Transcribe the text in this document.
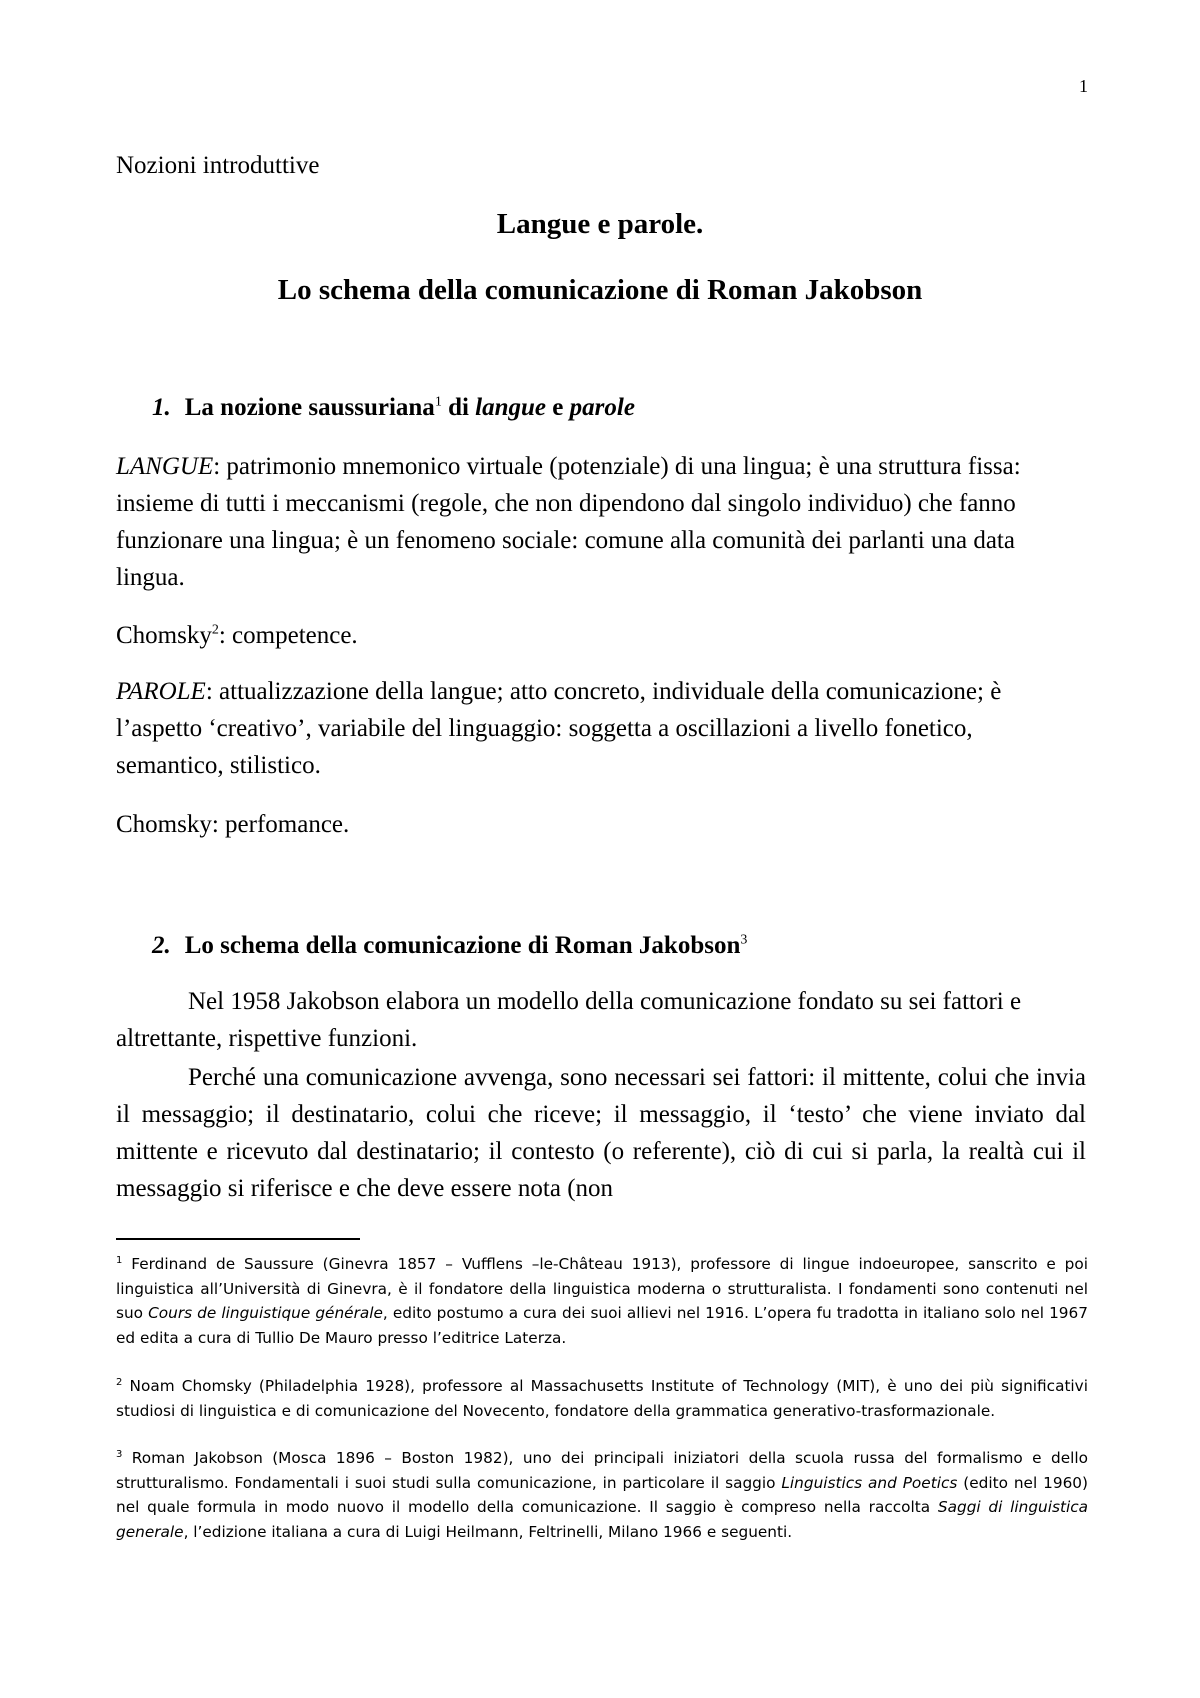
1
Nozioni introduttive
Langue e parole.
Lo schema della comunicazione di Roman Jakobson
1. La nozione saussuriana$^1$ di langue e parole
LANGUE: patrimonio mnemonico virtuale (potenziale) di una lingua; è una struttura fissa: insieme di tutti i meccanismi (regole, che non dipendono dal singolo individuo) che fanno funzionare una lingua; è un fenomeno sociale: comune alla comunità dei parlanti una data lingua.
Chomsky$^2$: competence.
PAROLE: attualizzazione della langue; atto concreto, individuale della comunicazione; è l’aspetto ‘creativo’, variabile del linguaggio: soggetta a oscillazioni a livello fonetico, semantico, stilistico.
Chomsky: perfomance.
2. Lo schema della comunicazione di Roman Jakobson$^3$
Nel 1958 Jakobson elabora un modello della comunicazione fondato su sei fattori e altrettante, rispettive funzioni.
Perché una comunicazione avvenga, sono necessari sei fattori: il mittente, colui che invia il messaggio; il destinatario, colui che riceve; il messaggio, il ‘testo’ che viene inviato dal mittente e ricevuto dal destinatario; il contesto (o referente), ciò di cui si parla, la realtà cui il messaggio si riferisce e che deve essere nota (non
$^1$ Ferdinand de Saussure (Ginevra 1857 – Vufflens –le-Château 1913), professore di lingue indoeuropee, sanscrito e poi linguistica all’Università di Ginevra, è il fondatore della linguistica moderna o strutturalista. I fondamenti sono contenuti nel suo Cours de linguistique générale, edito postumo a cura dei suoi allievi nel 1916. L’opera fu tradotta in italiano solo nel 1967 ed edita a cura di Tullio De Mauro presso l’editrice Laterza.
$^2$ Noam Chomsky (Philadelphia 1928), professore al Massachusetts Institute of Technology (MIT), è uno dei più significativi studiosi di linguistica e di comunicazione del Novecento, fondatore della grammatica generativo-trasformazionale.
$^3$ Roman Jakobson (Mosca 1896 – Boston 1982), uno dei principali iniziatori della scuola russa del formalismo e dello strutturalismo. Fondamentali i suoi studi sulla comunicazione, in particolare il saggio Linguistics and Poetics (edito nel 1960) nel quale formula in modo nuovo il modello della comunicazione. Il saggio è compreso nella raccolta Saggi di linguistica generale, l’edizione italiana a cura di Luigi Heilmann, Feltrinelli, Milano 1966 e seguenti.
